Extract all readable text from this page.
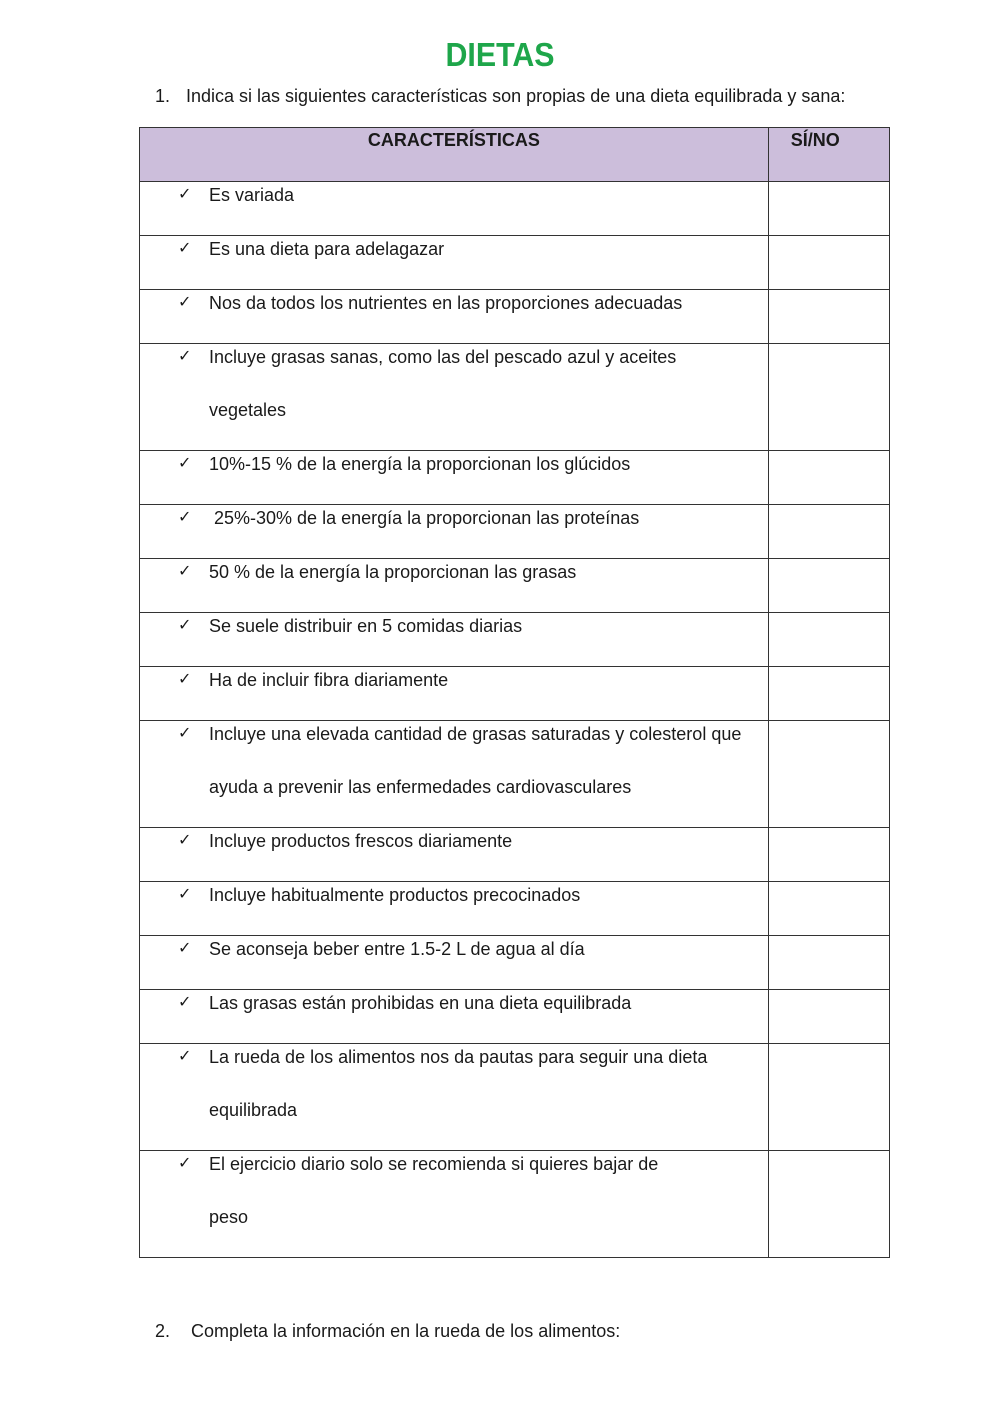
DIETAS
1. Indica si las siguientes características son propias de una dieta equilibrada y sana:
CARACTERÍSTICAS	SÍ/NO

✓ Es variada	

✓ Es una dieta para adelagazar	

✓ Nos da todos los nutrientes en las proporciones adecuadas	

✓ Incluye grasas sanas, como las del pescado azul y aceites
vegetales	

✓ 10%-15 % de la energía la proporcionan los glúcidos	

✓ 25%-30% de la energía la proporcionan las proteínas	

✓ 50 % de la energía la proporcionan las grasas	

✓ Se suele distribuir en 5 comidas diarias	

✓ Ha de incluir fibra diariamente	

✓ Incluye una elevada cantidad de grasas saturadas y colesterol que
ayuda a prevenir las enfermedades cardiovasculares	

✓ Incluye productos frescos diariamente	

✓ Incluye habitualmente productos precocinados	

✓ Se aconseja beber entre 1.5-2 L de agua al día	

✓ Las grasas están prohibidas en una dieta equilibrada	

✓ La rueda de los alimentos nos da pautas para seguir una dieta
equilibrada	

✓ El ejercicio diario solo se recomienda si quieres bajar de
peso	

2. Completa la información en la rueda de los alimentos:
